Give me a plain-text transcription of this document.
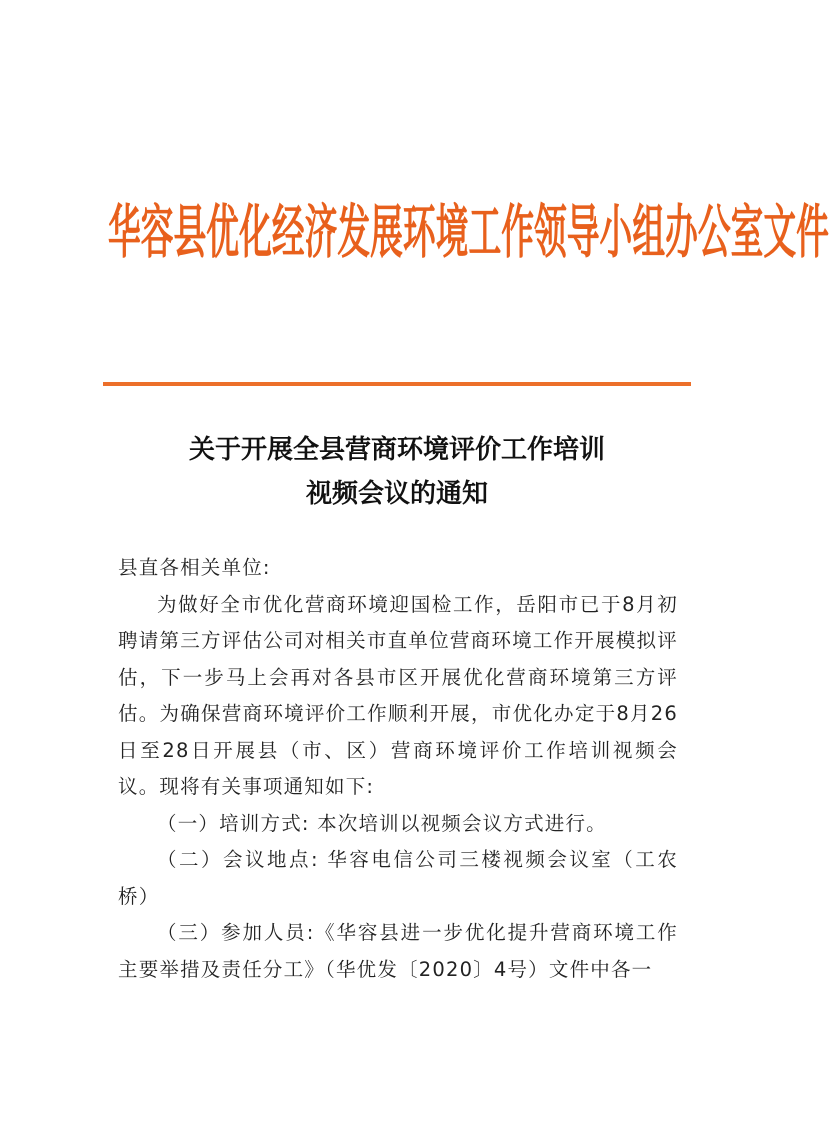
华容县优化经济发展环境工作领导小组办公室文件
关于开展全县营商环境评价工作培训
视频会议的通知

县直各相关单位:

为做好全市优化营商环境迎国检工作，岳阳市已于8月初聘请第三方评估公司对相关市直单位营商环境工作开展模拟评估，下一步马上会再对各县市区开展优化营商环境第三方评估。为确保营商环境评价工作顺利开展，市优化办定于8月26日至28日开展县（市、区）营商环境评价工作培训视频会议。现将有关事项通知如下:

（一）培训方式: 本次培训以视频会议方式进行。

（二）会议地点: 华容电信公司三楼视频会议室（工农桥）

（三）参加人员:《华容县进一步优化提升营商环境工作主要举措及责任分工》（华优发〔2020〕4号）文件中各一
